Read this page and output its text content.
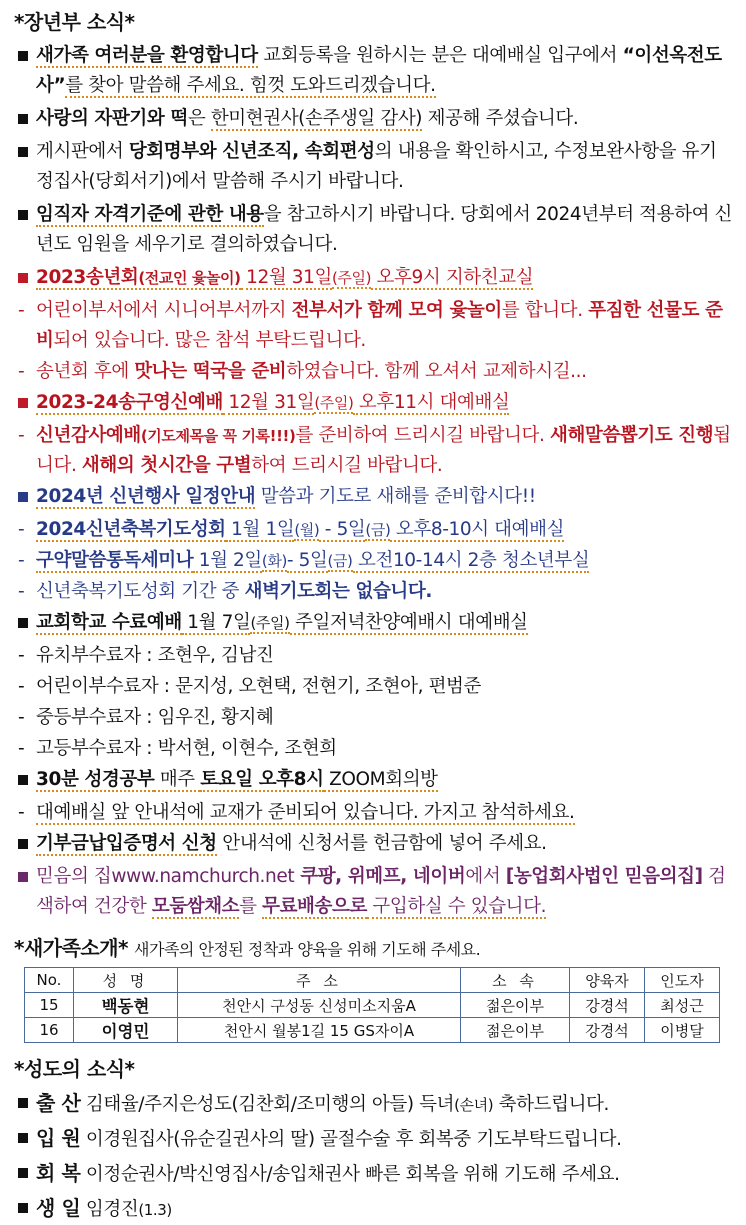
*장년부 소식*
새가족 여러분을 환영합니다 교회등록을 원하시는 분은 대예배실 입구에서 “이선옥전도사”를 찾아 말씀해 주세요. 힘껏 도와드리겠습니다.
사랑의 자판기와 떡은 한미현권사(손주생일 감사) 제공해 주셨습니다.
게시판에서 당회명부와 신년조직, 속회편성의 내용을 확인하시고, 수정보완사항을 유기정집사(당회서기)에서 말씀해 주시기 바랍니다.
임직자 자격기준에 관한 내용을 참고하시기 바랍니다. 당회에서 2024년부터 적용하여 신년도 임원을 세우기로 결의하였습니다.
2023송년회(전교인 윷놀이) 12월 31일(주일) 오후9시 지하친교실
- 어린이부서에서 시니어부서까지 전부서가 함께 모여 윷놀이를 합니다. 푸짐한 선물도 준비되어 있습니다. 많은 참석 부탁드립니다.
- 송년회 후에 맛나는 떡국을 준비하였습니다. 함께 오셔서 교제하시길...
2023-24송구영신예배 12월 31일(주일) 오후11시 대예배실
- 신년감사예배(기도제목을 꼭 기록!!!)를 준비하여 드리시길 바랍니다. 새해말씀뽑기도 진행됩니다. 새해의 첫시간을 구별하여 드리시길 바랍니다.
2024년 신년행사 일정안내 말씀과 기도로 새해를 준비합시다!!
- 2024신년축복기도성회 1월 1일(월) - 5일(금) 오후8-10시 대예배실
- 구약말씀통독세미나 1월 2일(화)- 5일(금) 오전10-14시 2층 청소년부실
- 신년축복기도성회 기간 중 새벽기도회는 없습니다.
교회학교 수료예배 1월 7일(주일) 주일저녁찬양예배시 대예배실
- 유치부수료자 : 조현우, 김남진
- 어린이부수료자 : 문지성, 오현택, 전현기, 조현아, 편범준
- 중등부수료자 : 임우진, 황지혜
- 고등부수료자 : 박서현, 이현수, 조현희
30분 성경공부 매주 토요일 오후8시 ZOOM회의방
- 대예배실 앞 안내석에 교재가 준비되어 있습니다. 가지고 참석하세요.
기부금납입증명서 신청 안내석에 신청서를 헌금함에 넣어 주세요.
믿음의 집www.namchurch.net 쿠팡, 위메프, 네이버에서 [농업회사법인 믿음의집] 검색하여 건강한 모둠쌈채소를 무료배송으로 구입하실 수 있습니다.
*새가족소개* 새가족의 안정된 정착과 양육을 위해 기도해 주세요.
No.	성 명	주 소	소 속	양육자	인도자
15	백동현	천안시 구성동 신성미소지움A	젊은이부	강경석	최성근
16	이영민	천안시 월봉1길 15 GS자이A	젊은이부	강경석	이병달
*성도의 소식*
출 산 김태율/주지은성도(김찬회/조미행의 아들) 득녀(손녀) 축하드립니다.
입 원 이경원집사(유순길권사의 딸) 골절수술 후 회복중 기도부탁드립니다.
회 복 이정순권사/박신영집사/송입채권사 빠른 회복을 위해 기도해 주세요.
생 일 임경진(1.3)
